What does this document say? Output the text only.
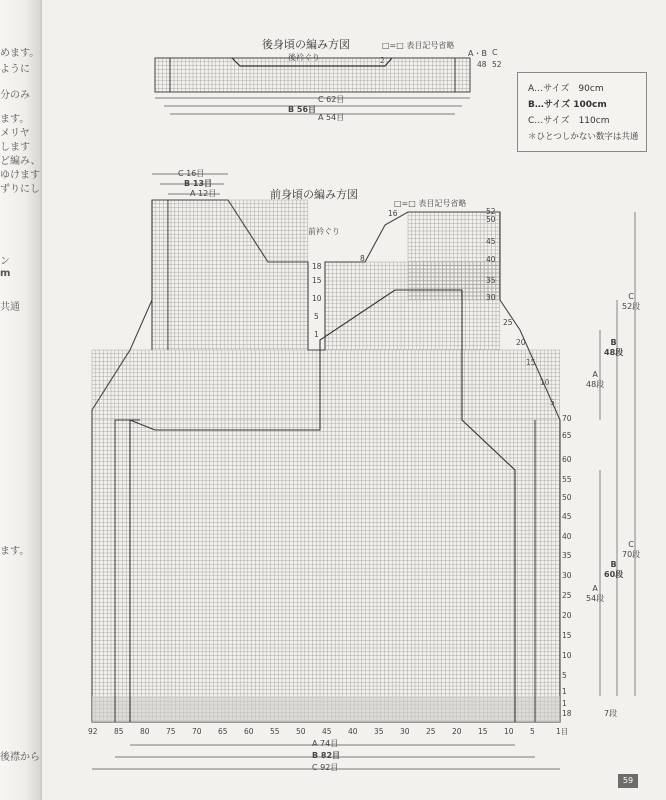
めます。
ように
分のみ
ます。
メリヤ
します
ど編み、
ゆけます
ずりにし
ン
m
共通
ます。
後襟から
後身頃の編み方図	□=□ 表目記号省略
後衿ぐり	A・B C
48 52
2
C 62目
B 56目
A 54目
A…サイズ　90cm
B…サイズ 100cm
C…サイズ　110cm
＊ひとつしかない数字は共通
前身頃の編み方図
□=□ 表目記号省略
前衿ぐり
C 16目
B 13目
A 12目
A 74目
B 82目
C 92目
C
52段
B
48段
A
48段
C
70段
B
60段
A
54段
7段
18
15
10
5
1
16
8
25
20
15
10
5
59
52
50
45
40
35
30
70
65
60
55
50
45
40
35
30
25
20
15
10
5
1
1
18
92 85 80 75 70 65 60 55 50 45 40 35 30 25 20 15 10 5	1目
